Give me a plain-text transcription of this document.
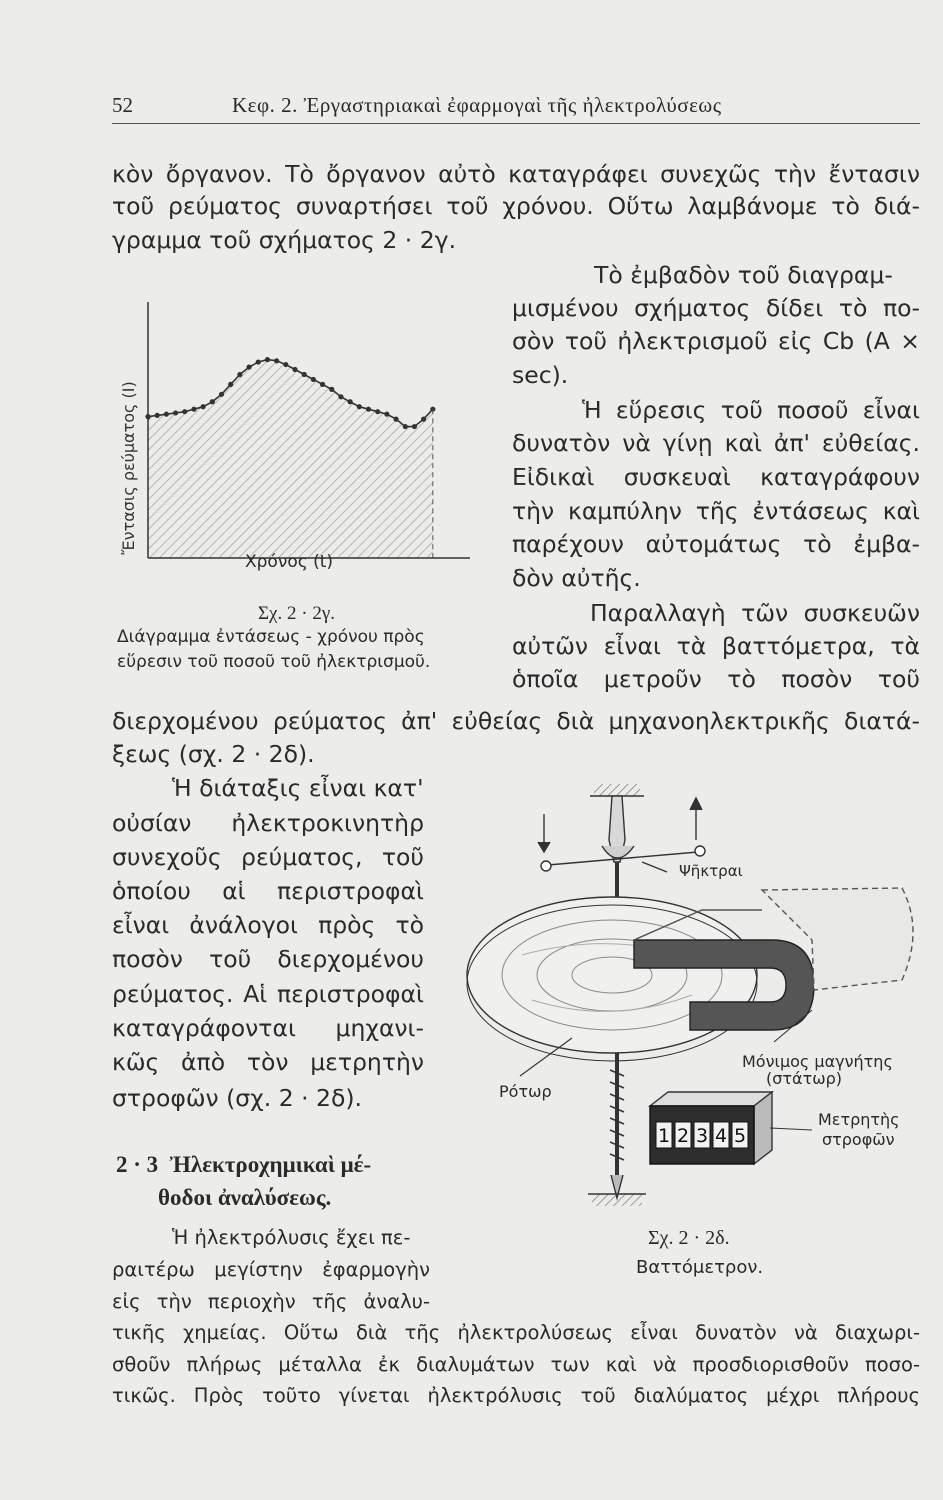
52	Κεφ. 2. Ἐργαστηριακαὶ ἐφαρμογαὶ τῆς ἠλεκτρολύσεως
κὸν ὄργανον. Τὸ ὄργανον αὐτὸ καταγράφει συνεχῶς τὴν ἔντασιν
τοῦ ρεύματος συναρτήσει τοῦ χρόνου. Οὕτω λαμβάνομε τὸ διά-
γραμμα τοῦ σχήματος 2 · 2γ.
Τὸ ἐμβαδὸν τοῦ διαγραμ-
μισμένου σχήματος δίδει τὸ πο-
σὸν τοῦ ἠλεκτρισμοῦ εἰς Cb (A ×
sec).
Ἡ εὕρεσις τοῦ ποσοῦ εἶναι
δυνατὸν νὰ γίνῃ καὶ ἀπ' εὐθείας.
Εἰδικαὶ συσκευαὶ καταγράφουν
τὴν καμπύλην τῆς ἐντάσεως καὶ
παρέχουν αὐτομάτως τὸ ἐμβα-
δὸν αὐτῆς.
Παραλλαγὴ τῶν συσκευῶν
αὐτῶν εἶναι τὰ βαττόμετρα, τὰ
ὁποῖα μετροῦν τὸ ποσὸν τοῦ
Ἔντασις ρεύματος (I)
Χρόνος (t)
Σχ. 2 · 2γ.
Διάγραμμα ἐντάσεως - χρόνου πρὸς
εὕρεσιν τοῦ ποσοῦ τοῦ ἠλεκτρισμοῦ.
διερχομένου ρεύματος ἀπ' εὐθείας διὰ μηχανοηλεκτρικῆς διατά-
ξεως (σχ. 2 · 2δ).
Ἡ διάταξις εἶναι κατ'
οὐσίαν ἠλεκτροκινητὴρ
συνεχοῦς ρεύματος, τοῦ
ὁποίου αἱ περιστροφαὶ
εἶναι ἀνάλογοι πρὸς τὸ
ποσὸν τοῦ διερχομένου
ρεύματος. Αἱ περιστροφαὶ
καταγράφονται μηχανι-
κῶς ἀπὸ τὸν μετρητὴν
στροφῶν (σχ. 2 · 2δ).
2 · 3 Ἠλεκτροχημικαὶ μέ-
θοδοι ἀναλύσεως.
Ἡ ἠλεκτρόλυσις ἔχει πε-
ραιτέρω μεγίστην ἐφαρμογὴν
εἰς τὴν περιοχὴν τῆς ἀναλυ-
τικῆς χημείας. Οὕτω διὰ τῆς ἠλεκτρολύσεως εἶναι δυνατὸν νὰ διαχωρι-
σθοῦν πλήρως μέταλλα ἐκ διαλυμάτων των καὶ νὰ προσδιορισθοῦν ποσο-
τικῶς. Πρὸς τοῦτο γίνεται ἠλεκτρόλυσις τοῦ διαλύματος μέχρι πλήρους
1 2 3 4 5
Ψῆκτραι
Μόνιμος μαγνήτης
(στάτωρ)
Ρότωρ
Μετρητὴς
στροφῶν
Σχ. 2 · 2δ.
Βαττόμετρον.
